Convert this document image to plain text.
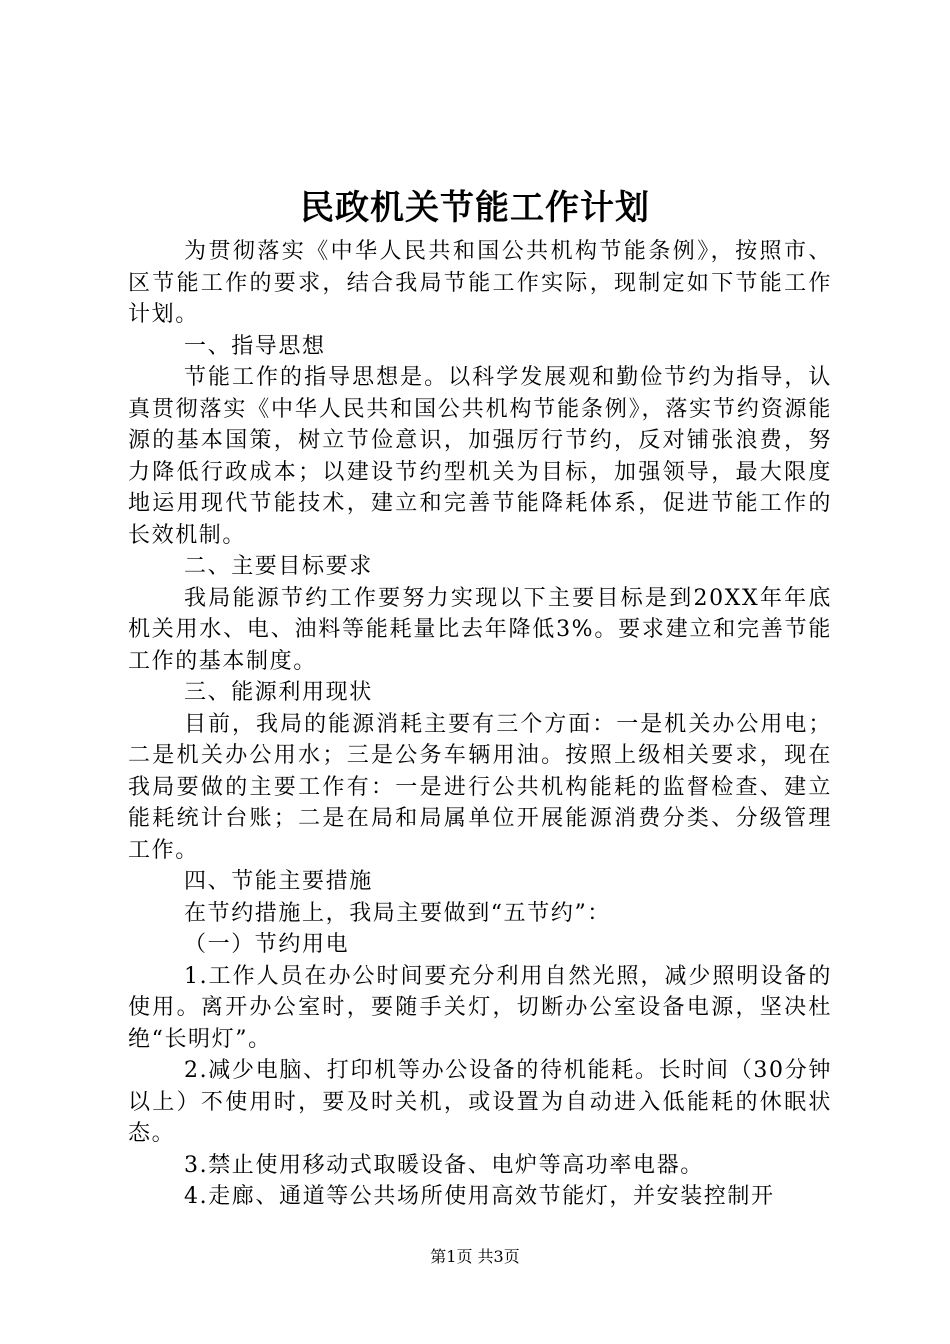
民政机关节能工作计划

为贯彻落实《中华人民共和国公共机构节能条例》，按照市、区节能工作的要求，结合我局节能工作实际，现制定如下节能工作计划。

一、指导思想

节能工作的指导思想是。以科学发展观和勤俭节约为指导，认真贯彻落实《中华人民共和国公共机构节能条例》，落实节约资源能源的基本国策，树立节俭意识，加强厉行节约，反对铺张浪费，努力降低行政成本；以建设节约型机关为目标，加强领导，最大限度地运用现代节能技术，建立和完善节能降耗体系，促进节能工作的长效机制。

二、主要目标要求

我局能源节约工作要努力实现以下主要目标是到20XX年年底机关用水、电、油料等能耗量比去年降低3%。要求建立和完善节能工作的基本制度。

三、能源利用现状

目前，我局的能源消耗主要有三个方面：一是机关办公用电；二是机关办公用水；三是公务车辆用油。按照上级相关要求，现在我局要做的主要工作有：一是进行公共机构能耗的监督检查、建立能耗统计台账；二是在局和局属单位开展能源消费分类、分级管理工作。

四、节能主要措施

在节约措施上，我局主要做到“五节约”：

（一）节约用电

1.工作人员在办公时间要充分利用自然光照，减少照明设备的使用。离开办公室时，要随手关灯，切断办公室设备电源，坚决杜绝“长明灯”。

2.减少电脑、打印机等办公设备的待机能耗。长时间（30分钟以上）不使用时，要及时关机，或设置为自动进入低能耗的休眠状态。

3.禁止使用移动式取暖设备、电炉等高功率电器。

4.走廊、通道等公共场所使用高效节能灯，并安装控制开

第1页 共3页
